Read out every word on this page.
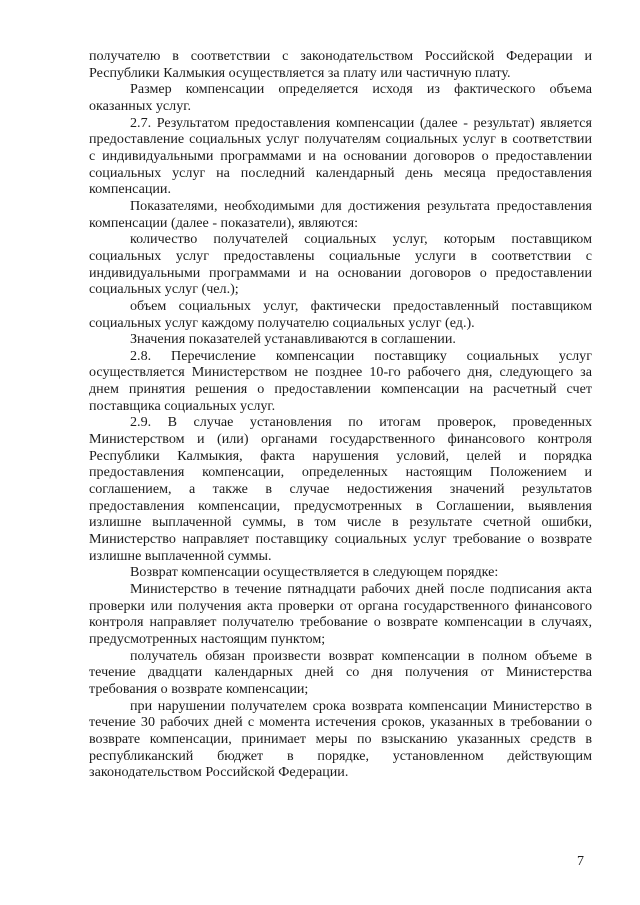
получателю в соответствии с законодательством Российской Федерации и Республики Калмыкия осуществляется за плату или частичную плату.

Размер компенсации определяется исходя из фактического объема оказанных услуг.

2.7. Результатом предоставления компенсации (далее - результат) является предоставление социальных услуг получателям социальных услуг в соответствии с индивидуальными программами и на основании договоров о предоставлении социальных услуг на последний календарный день месяца предоставления компенсации.

Показателями, необходимыми для достижения результата предоставления компенсации (далее - показатели), являются:

количество получателей социальных услуг, которым поставщиком социальных услуг предоставлены социальные услуги в соответствии с индивидуальными программами и на основании договоров о предоставлении социальных услуг (чел.);

объем социальных услуг, фактически предоставленный поставщиком социальных услуг каждому получателю социальных услуг (ед.).

Значения показателей устанавливаются в соглашении.

2.8. Перечисление компенсации поставщику социальных услуг осуществляется Министерством не позднее 10-го рабочего дня, следующего за днем принятия решения о предоставлении компенсации на расчетный счет поставщика социальных услуг.

2.9. В случае установления по итогам проверок, проведенных Министерством и (или) органами государственного финансового контроля Республики Калмыкия, факта нарушения условий, целей и порядка предоставления компенсации, определенных настоящим Положением и соглашением, а также в случае недостижения значений результатов предоставления компенсации, предусмотренных в Соглашении, выявления излишне выплаченной суммы, в том числе в результате счетной ошибки, Министерство направляет поставщику социальных услуг требование о возврате излишне выплаченной суммы.

Возврат компенсации осуществляется в следующем порядке:

Министерство в течение пятнадцати рабочих дней после подписания акта проверки или получения акта проверки от органа государственного финансового контроля направляет получателю требование о возврате компенсации в случаях, предусмотренных настоящим пунктом;

получатель обязан произвести возврат компенсации в полном объеме в течение двадцати календарных дней со дня получения от Министерства требования о возврате компенсации;

при нарушении получателем срока возврата компенсации Министерство в течение 30 рабочих дней с момента истечения сроков, указанных в требовании о возврате компенсации, принимает меры по взысканию указанных средств в республиканский бюджет в порядке, установленном действующим законодательством Российской Федерации.

7
